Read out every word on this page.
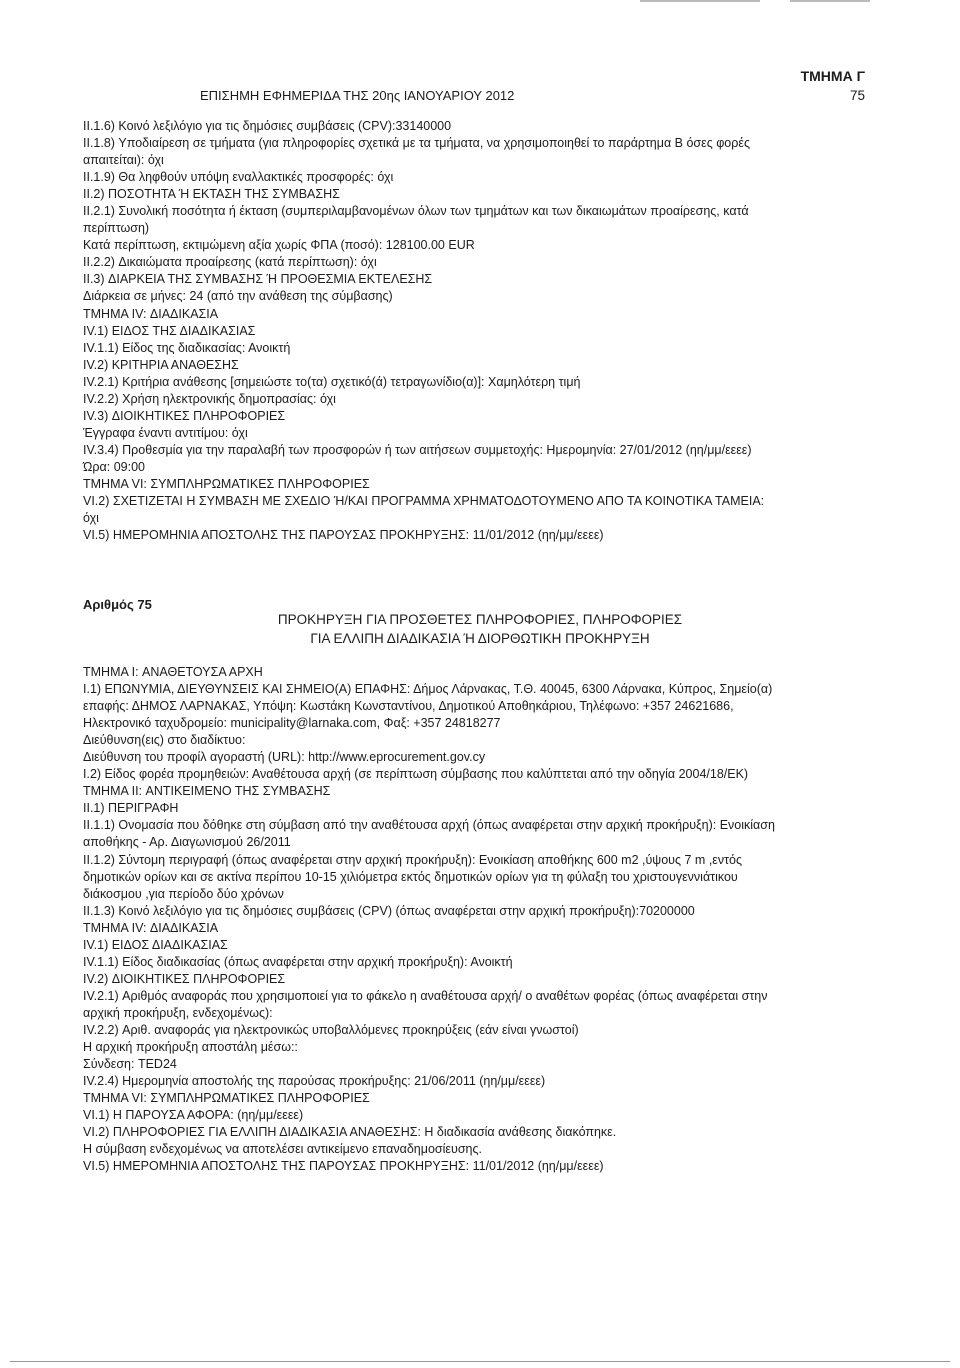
ΕΠΙΣΗΜΗ ΕΦΗΜΕΡΙΔΑ ΤΗΣ 20ης ΙΑΝΟΥΑΡΙΟΥ 2012
ΤΜΗΜΑ Γ
75
II.1.6) Κοινό λεξιλόγιο για τις δημόσιες συμβάσεις (CPV):33140000
II.1.8) Υποδιαίρεση σε τμήματα (για πληροφορίες σχετικά με τα τμήματα, να χρησιμοποιηθεί το παράρτημα Β όσες φορές
απαιτείται): όχι
II.1.9) Θα ληφθούν υπόψη εναλλακτικές προσφορές: όχι
II.2) ΠΟΣΟΤΗΤΑ Ή ΕΚΤΑΣΗ ΤΗΣ ΣΥΜΒΑΣΗΣ
II.2.1) Συνολική ποσότητα ή έκταση (συμπεριλαμβανομένων όλων των τμημάτων και των δικαιωμάτων προαίρεσης, κατά
περίπτωση)
Κατά περίπτωση, εκτιμώμενη αξία χωρίς ΦΠΑ (ποσό): 128100.00 EUR
II.2.2) Δικαιώματα προαίρεσης (κατά περίπτωση): όχι
II.3) ΔΙΑΡΚΕΙΑ ΤΗΣ ΣΥΜΒΑΣΗΣ Ή ΠΡΟΘΕΣΜΙΑ ΕΚΤΕΛΕΣΗΣ
Διάρκεια σε μήνες: 24 (από την ανάθεση της σύμβασης)
ΤΜΗΜΑ IV: ΔΙΑΔΙΚΑΣΙΑ
IV.1) ΕΙΔΟΣ ΤΗΣ ΔΙΑΔΙΚΑΣΙΑΣ
IV.1.1) Είδος της διαδικασίας: Ανοικτή
IV.2) ΚΡΙΤΗΡΙΑ ΑΝΑΘΕΣΗΣ
IV.2.1) Κριτήρια ανάθεσης [σημειώστε το(τα) σχετικό(ά) τετραγωνίδιο(α)]: Χαμηλότερη τιμή
IV.2.2) Χρήση ηλεκτρονικής δημοπρασίας: όχι
IV.3) ΔΙΟΙΚΗΤΙΚΕΣ ΠΛΗΡΟΦΟΡΙΕΣ
Έγγραφα έναντι αντιτίμου: όχι
IV.3.4) Προθεσμία για την παραλαβή των προσφορών ή των αιτήσεων συμμετοχής: Ημερομηνία: 27/01/2012 (ηη/μμ/εεεε)
Ώρα: 09:00
ΤΜΗΜΑ VI: ΣΥΜΠΛΗΡΩΜΑΤΙΚΕΣ ΠΛΗΡΟΦΟΡΙΕΣ
VI.2) ΣΧΕΤΙΖΕΤΑΙ Η ΣΥΜΒΑΣΗ ΜΕ ΣΧΕΔΙΟ Ή/ΚΑΙ ΠΡΟΓΡΑΜΜΑ ΧΡΗΜΑΤΟΔΟΤΟΥΜΕΝΟ ΑΠΟ ΤΑ ΚΟΙΝΟΤΙΚΑ ΤΑΜΕΙΑ:
όχι
VI.5) ΗΜΕΡΟΜΗΝΙΑ ΑΠΟΣΤΟΛΗΣ ΤΗΣ ΠΑΡΟΥΣΑΣ ΠΡΟΚΗΡΥΞΗΣ: 11/01/2012 (ηη/μμ/εεεε)
Αριθμός 75
ΠΡΟΚΗΡΥΞΗ ΓΙΑ ΠΡΟΣΘΕΤΕΣ ΠΛΗΡΟΦΟΡΙΕΣ, ΠΛΗΡΟΦΟΡΙΕΣ
ΓΙΑ ΕΛΛΙΠΗ ΔΙΑΔΙΚΑΣΙΑ Ή ΔΙΟΡΘΩΤΙΚΗ ΠΡΟΚΗΡΥΞΗ
ΤΜΗΜΑ I: ΑΝΑΘΕΤΟΥΣΑ ΑΡΧΗ
I.1) ΕΠΩΝΥΜΙΑ, ΔΙΕΥΘΥΝΣΕΙΣ ΚΑΙ ΣΗΜΕΙΟ(Α) ΕΠΑΦΗΣ: Δήμος Λάρνακας, Τ.Θ. 40045, 6300 Λάρνακα, Κύπρος, Σημείο(α)
επαφής: ΔΗΜΟΣ ΛΑΡΝΑΚΑΣ, Υπόψη: Κωστάκη Κωνσταντίνου, Δημοτικού Αποθηκάριου, Τηλέφωνο: +357 24621686,
Ηλεκτρονικό ταχυδρομείο: municipality@larnaka.com, Φαξ: +357 24818277
Διεύθυνση(εις) στο διαδίκτυο:
Διεύθυνση του προφίλ αγοραστή (URL): http://www.eprocurement.gov.cy
I.2) Είδος φορέα προμηθειών: Αναθέτουσα αρχή (σε περίπτωση σύμβασης που καλύπτεται από την οδηγία 2004/18/ΕΚ)
ΤΜΗΜΑ II: ΑΝΤΙΚΕΙΜΕΝΟ ΤΗΣ ΣΥΜΒΑΣΗΣ
II.1) ΠΕΡΙΓΡΑΦΗ
II.1.1) Ονομασία που δόθηκε στη σύμβαση από την αναθέτουσα αρχή (όπως αναφέρεται στην αρχική προκήρυξη): Ενοικίαση
αποθήκης - Αρ. Διαγωνισμού 26/2011
II.1.2) Σύντομη περιγραφή (όπως αναφέρεται στην αρχική προκήρυξη): Ενοικίαση αποθήκης 600 m2 ,ύψους 7 m ,εντός
δημοτικών ορίων και σε ακτίνα περίπου 10-15 χιλιόμετρα εκτός δημοτικών ορίων για τη φύλαξη του χριστουγεννιάτικου
διάκοσμου ,για περίοδο δύο χρόνων
II.1.3) Κοινό λεξιλόγιο για τις δημόσιες συμβάσεις (CPV) (όπως αναφέρεται στην αρχική προκήρυξη):70200000
ΤΜΗΜΑ IV: ΔΙΑΔΙΚΑΣΙΑ
IV.1) ΕΙΔΟΣ ΔΙΑΔΙΚΑΣΙΑΣ
IV.1.1) Είδος διαδικασίας (όπως αναφέρεται στην αρχική προκήρυξη): Ανοικτή
IV.2) ΔΙΟΙΚΗΤΙΚΕΣ ΠΛΗΡΟΦΟΡΙΕΣ
IV.2.1) Αριθμός αναφοράς που χρησιμοποιεί για το φάκελο η αναθέτουσα αρχή/ ο αναθέτων φορέας (όπως αναφέρεται στην
αρχική προκήρυξη, ενδεχομένως):
IV.2.2) Αριθ. αναφοράς για ηλεκτρονικώς υποβαλλόμενες προκηρύξεις (εάν είναι γνωστοί)
Η αρχική προκήρυξη αποστάλη μέσω::
Σύνδεση: TED24
IV.2.4) Ημερομηνία αποστολής της παρούσας προκήρυξης: 21/06/2011 (ηη/μμ/εεεε)
ΤΜΗΜΑ VI: ΣΥΜΠΛΗΡΩΜΑΤΙΚΕΣ ΠΛΗΡΟΦΟΡΙΕΣ
VI.1) Η ΠΑΡΟΥΣΑ ΑΦΟΡΑ: (ηη/μμ/εεεε)
VI.2) ΠΛΗΡΟΦΟΡΙΕΣ ΓΙΑ ΕΛΛΙΠΗ ΔΙΑΔΙΚΑΣΙΑ ΑΝΑΘΕΣΗΣ: Η διαδικασία ανάθεσης διακόπηκε.
Η σύμβαση ενδεχομένως να αποτελέσει αντικείμενο επαναδημοσίευσης.
VI.5) ΗΜΕΡΟΜΗΝΙΑ ΑΠΟΣΤΟΛΗΣ ΤΗΣ ΠΑΡΟΥΣΑΣ ΠΡΟΚΗΡΥΞΗΣ: 11/01/2012 (ηη/μμ/εεεε)
